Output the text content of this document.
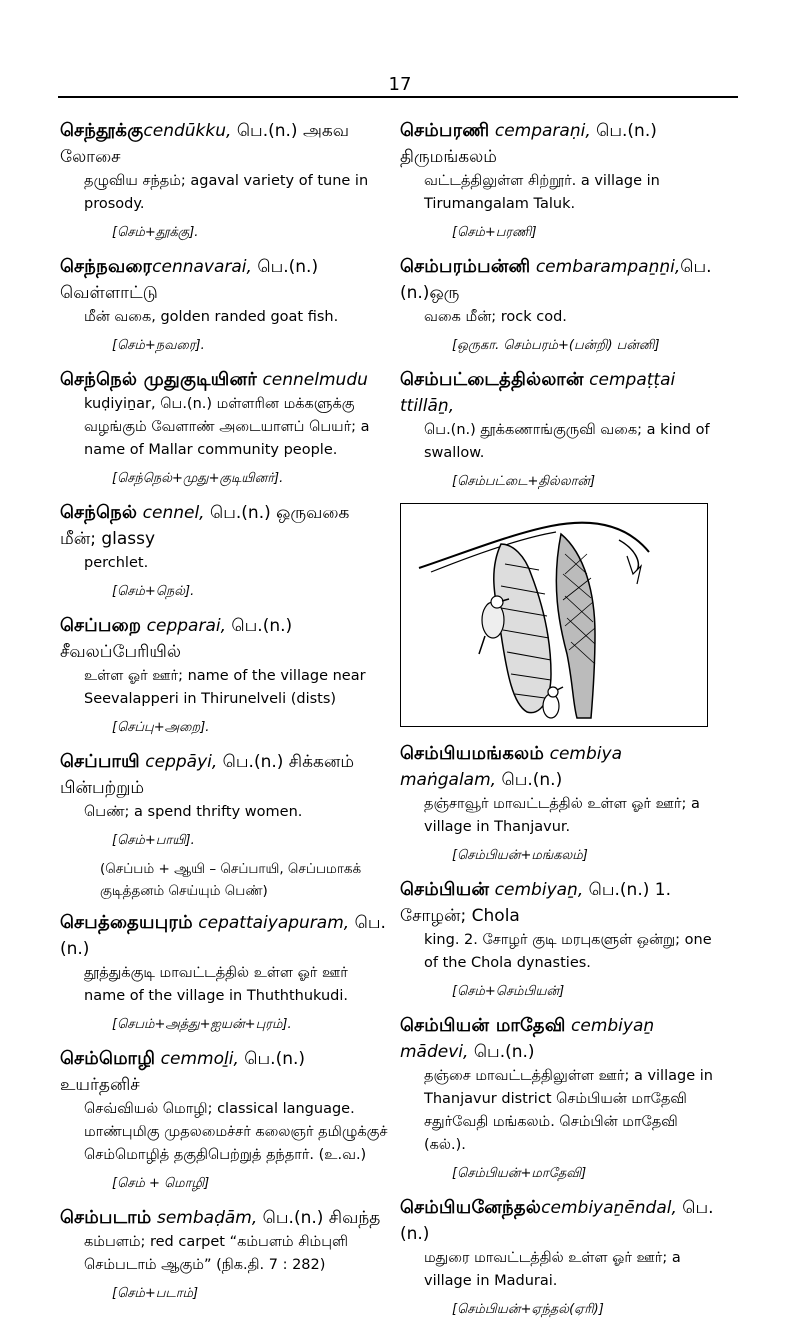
17
செந்தூக்குcendūkku, பெ.(n.) அகவ லோசை
தழுவிய சந்தம்; agaval variety of tune in prosody.
[செம்+தூக்கு].
செந்நவரைcennavarai, பெ.(n.) வெள்ளாட்டு
மீன் வகை, golden randed goat fish.
[செம்+நவரை].
செந்நெல் முதுகுடியினர் cennelmudu
kuḍiyiṉar, பெ.(n.) மள்ளரின மக்களுக்கு வழங்கும் வேளாண் அடையாளப் பெயர்; a name of Mallar community people.
[செந்நெல்+முது+குடியினர்].
செந்நெல் cennel, பெ.(n.) ஒருவகை மீன்; glassy
perchlet.
[செம்+நெல்].
செப்பறை cepparai, பெ.(n.) சீவலப்பேரியில்
உள்ள ஓர் ஊர்; name of the village near Seevalapperi in Thirunelveli (dists)
[செப்பு+அறை].
செப்பாயி ceppāyi, பெ.(n.) சிக்கனம் பின்பற்றும்
பெண்; a spend thrifty women.
[செம்+பாயி].
(செப்பம் + ஆயி – செப்பாயி, செப்பமாகக் குடித்தனம் செய்யும் பெண்)
செபத்தையபுரம் cepattaiyapuram, பெ.(n.)
தூத்துக்குடி மாவட்டத்தில் உள்ள ஓர் ஊர் name of the village in Thuththukudi.
[செபம்+அத்து+ஐயன்+புரம்].
செம்மொழி cemmoḻi, பெ.(n.) உயர்தனிச்
செவ்வியல் மொழி; classical language. மாண்புமிகு முதலமைச்சர் கலைஞர் தமிழுக்குச் செம்மொழித் தகுதிபெற்றுத் தந்தார். (உ.வ.)
[செம் + மொழி]
செம்படாம் sembaḍām, பெ.(n.) சிவந்த
கம்பளம்; red carpet “கம்பளம் சிம்புளி செம்படாம் ஆகும்” (நிக.தி. 7 : 282)
[செம்+படாம்]
செம்பரணி cemparaṇi, பெ.(n.) திருமங்கலம்
வட்டத்திலுள்ள சிற்றூர். a village in Tirumangalam Taluk.
[செம்+பரணி]
செம்பரம்பன்னி cembarampaṉṉi,பெ.(n.)ஒரு
வகை மீன்; rock cod.
[ஒருகா. செம்பரம்+(பன்றி) பன்னி]
செம்பட்டைத்தில்லான் cempaṭṭai ttillāṉ,
பெ.(n.) தூக்கணாங்குருவி வகை; a kind of swallow.
[செம்பட்டை+தில்லான்]
செம்பியமங்கலம் cembiya maṅgalam, பெ.(n.)
தஞ்சாவூர் மாவட்டத்தில் உள்ள ஓர் ஊர்; a village in Thanjavur.
[செம்பியன்+மங்கலம்]
செம்பியன் cembiyaṉ, பெ.(n.) 1. சோழன்; Chola
king. 2. சோழர் குடி மரபுகளுள் ஒன்று; one of the Chola dynasties.
[செம்+செம்பியன்]
செம்பியன் மாதேவி cembiyaṉ mādevi, பெ.(n.)
தஞ்சை மாவட்டத்திலுள்ள ஊர்; a village in Thanjavur district செம்பியன் மாதேவி சதுர்வேதி மங்கலம். செம்பின் மாதேவி (கல்.).
[செம்பியன்+மாதேவி]
செம்பியனேந்தல்cembiyaṉēndal, பெ.(n.)
மதுரை மாவட்டத்தில் உள்ள ஓர் ஊர்; a village in Madurai.
[செம்பியன்+ஏந்தல்(ஏரி)]
